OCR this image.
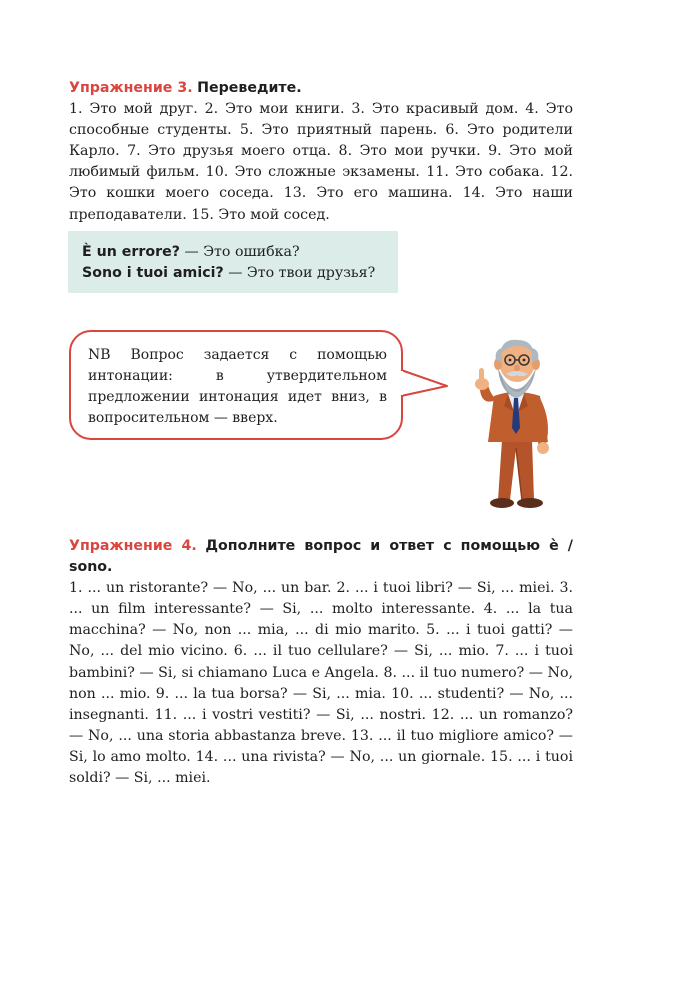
Упражнение 3. Переведите.

1. Это мой друг. 2. Это мои книги. 3. Это красивый дом. 4. Это способные студенты. 5. Это приятный парень. 6. Это родители Карло. 7. Это друзья моего отца. 8. Это мои ручки. 9. Это мой любимый фильм. 10. Это сложные экзамены. 11. Это собака. 12. Это кошки моего соседа. 13. Это его машина. 14. Это наши преподаватели. 15. Это мой сосед.

È un errore? — Это ошибка?

Sono i tuoi amici? — Это твои друзья?

NB Вопрос задается с помощью интонации: в утвердительном предложении интонация идет вниз, в вопросительном — вверх.

Упражнение 4. Дополните вопрос и ответ с помощью è / sono.

1. ... un ristorante? — No, ... un bar. 2. ... i tuoi libri? — Si, ... miei. 3. ... un film interessante? — Si, ... molto interessante. 4. ... la tua macchina? — No, non ... mia, ... di mio marito. 5. ... i tuoi gatti? — No, ... del mio vicino. 6. ... il tuo cellulare? — Si, ... mio. 7. ... i tuoi bambini? — Si, si chiamano Luca e Angela. 8. ... il tuo numero? — No, non ... mio. 9. ... la tua borsa? — Si, ... mia. 10. ... studenti? — No, ... insegnanti. 11. ... i vostri vestiti? — Si, ... nostri. 12. ... un romanzo? — No, ... una storia abbastanza breve. 13. ... il tuo migliore amico? — Si, lo amo molto. 14. ... una rivista? — No, ... un giornale. 15. ... i tuoi soldi? — Si, ... miei.
